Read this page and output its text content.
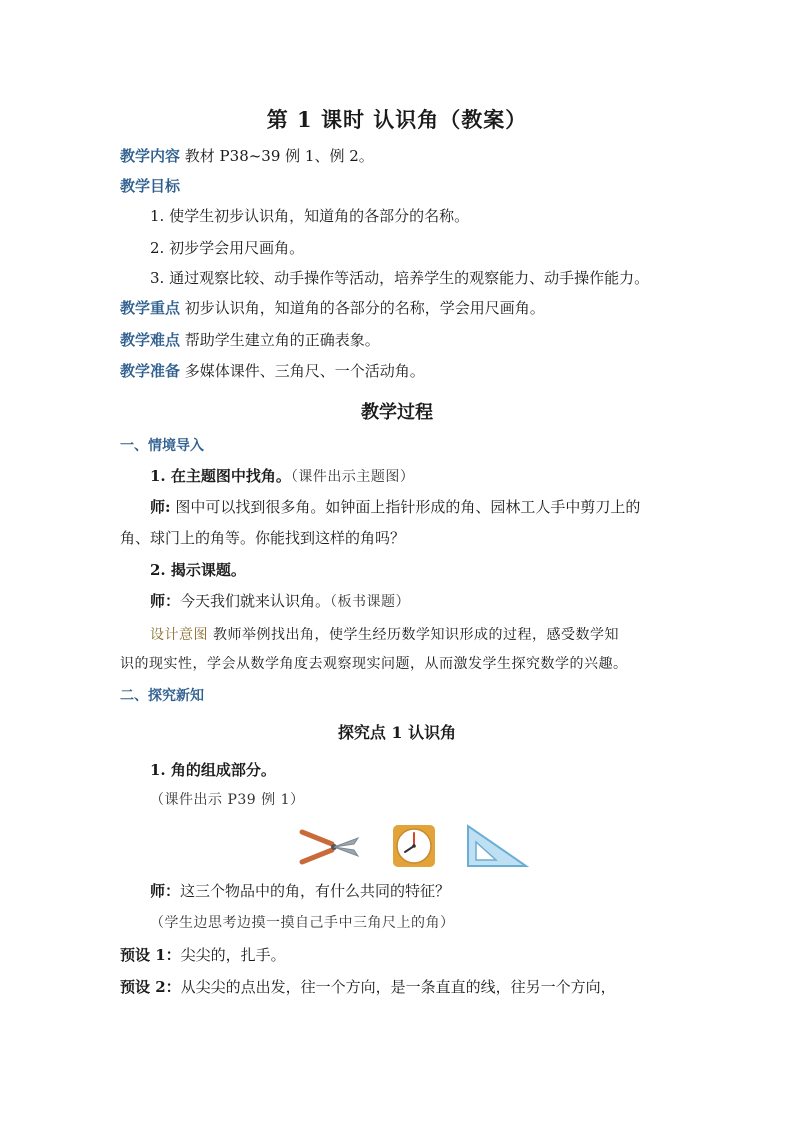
第 1 课时 认识角（教案）
教学内容 教材 P38~39 例 1、例 2。
教学目标
1. 使学生初步认识角，知道角的各部分的名称。
2. 初步学会用尺画角。
3. 通过观察比较、动手操作等活动，培养学生的观察能力、动手操作能力。
教学重点 初步认识角，知道角的各部分的名称，学会用尺画角。
教学难点 帮助学生建立角的正确表象。
教学准备 多媒体课件、三角尺、一个活动角。
教学过程
一、情境导入
1. 在主题图中找角。（课件出示主题图）
师: 图中可以找到很多角。如钟面上指针形成的角、园林工人手中剪刀上的
角、球门上的角等。你能找到这样的角吗？
2. 揭示课题。
师：今天我们就来认识角。（板书课题）
设计意图 教师举例找出角，使学生经历数学知识形成的过程，感受数学知
识的现实性，学会从数学角度去观察现实问题，从而激发学生探究数学的兴趣。
二、探究新知
探究点 1 认识角
1. 角的组成部分。
（课件出示 P39 例 1）
师：这三个物品中的角，有什么共同的特征？
（学生边思考边摸一摸自己手中三角尺上的角）
预设 1：尖尖的，扎手。
预设 2：从尖尖的点出发，往一个方向，是一条直直的线，往另一个方向，
